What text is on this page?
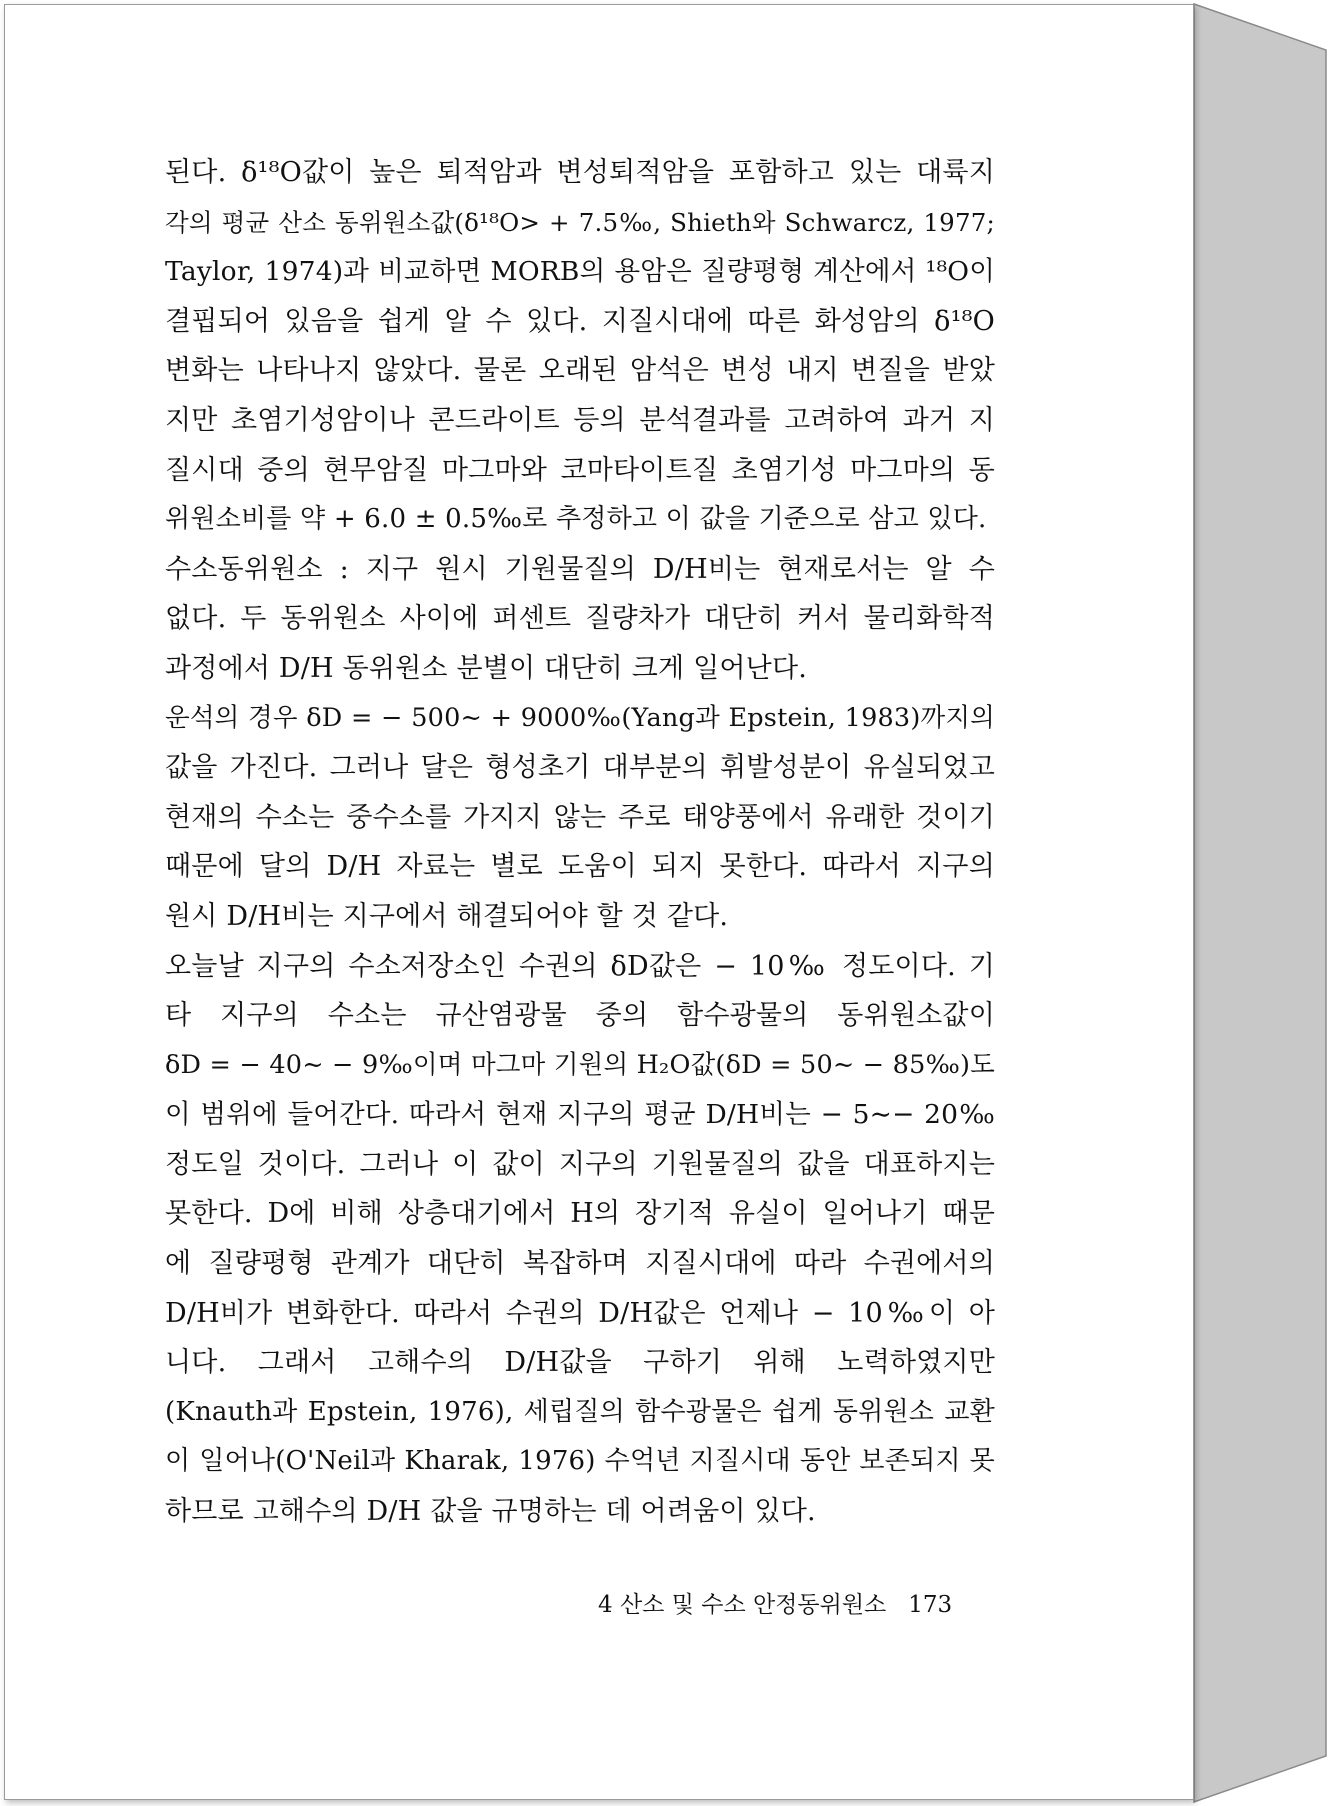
된다. δ¹⁸O값이 높은 퇴적암과 변성퇴적암을 포함하고 있는 대륙지
각의 평균 산소 동위원소값(δ¹⁸O> + 7.5‰, Shieth와 Schwarcz, 1977;
Taylor, 1974)과 비교하면 MORB의 용암은 질량평형 계산에서 ¹⁸O이
결핍되어 있음을 쉽게 알 수 있다. 지질시대에 따른 화성암의 δ¹⁸O
변화는 나타나지 않았다. 물론 오래된 암석은 변성 내지 변질을 받았
지만 초염기성암이나 콘드라이트 등의 분석결과를 고려하여 과거 지
질시대 중의 현무암질 마그마와 코마타이트질 초염기성 마그마의 동
위원소비를 약 + 6.0 ± 0.5‰로 추정하고 이 값을 기준으로 삼고 있다.
수소동위원소 : 지구 원시 기원물질의 D/H비는 현재로서는 알 수
없다. 두 동위원소 사이에 퍼센트 질량차가 대단히 커서 물리화학적
과정에서 D/H 동위원소 분별이 대단히 크게 일어난다.
운석의 경우 δD = − 500∼ + 9000‰(Yang과 Epstein, 1983)까지의
값을 가진다. 그러나 달은 형성초기 대부분의 휘발성분이 유실되었고
현재의 수소는 중수소를 가지지 않는 주로 태양풍에서 유래한 것이기
때문에 달의 D/H 자료는 별로 도움이 되지 못한다. 따라서 지구의
원시 D/H비는 지구에서 해결되어야 할 것 같다.
오늘날 지구의 수소저장소인 수권의 δD값은 − 10‰ 정도이다. 기
타 지구의 수소는 규산염광물 중의 함수광물의 동위원소값이
δD = − 40∼ − 9‰이며 마그마 기원의 H₂O값(δD = 50∼ − 85‰)도
이 범위에 들어간다. 따라서 현재 지구의 평균 D/H비는 − 5∼− 20‰
정도일 것이다. 그러나 이 값이 지구의 기원물질의 값을 대표하지는
못한다. D에 비해 상층대기에서 H의 장기적 유실이 일어나기 때문
에 질량평형 관계가 대단히 복잡하며 지질시대에 따라 수권에서의
D/H비가 변화한다. 따라서 수권의 D/H값은 언제나 − 10‰이 아
니다. 그래서 고해수의 D/H값을 구하기 위해 노력하였지만
(Knauth과 Epstein, 1976), 세립질의 함수광물은 쉽게 동위원소 교환
이 일어나(O'Neil과 Kharak, 1976) 수억년 지질시대 동안 보존되지 못
하므로 고해수의 D/H 값을 규명하는 데 어려움이 있다.
4 산소 및 수소 안정동위원소 173
